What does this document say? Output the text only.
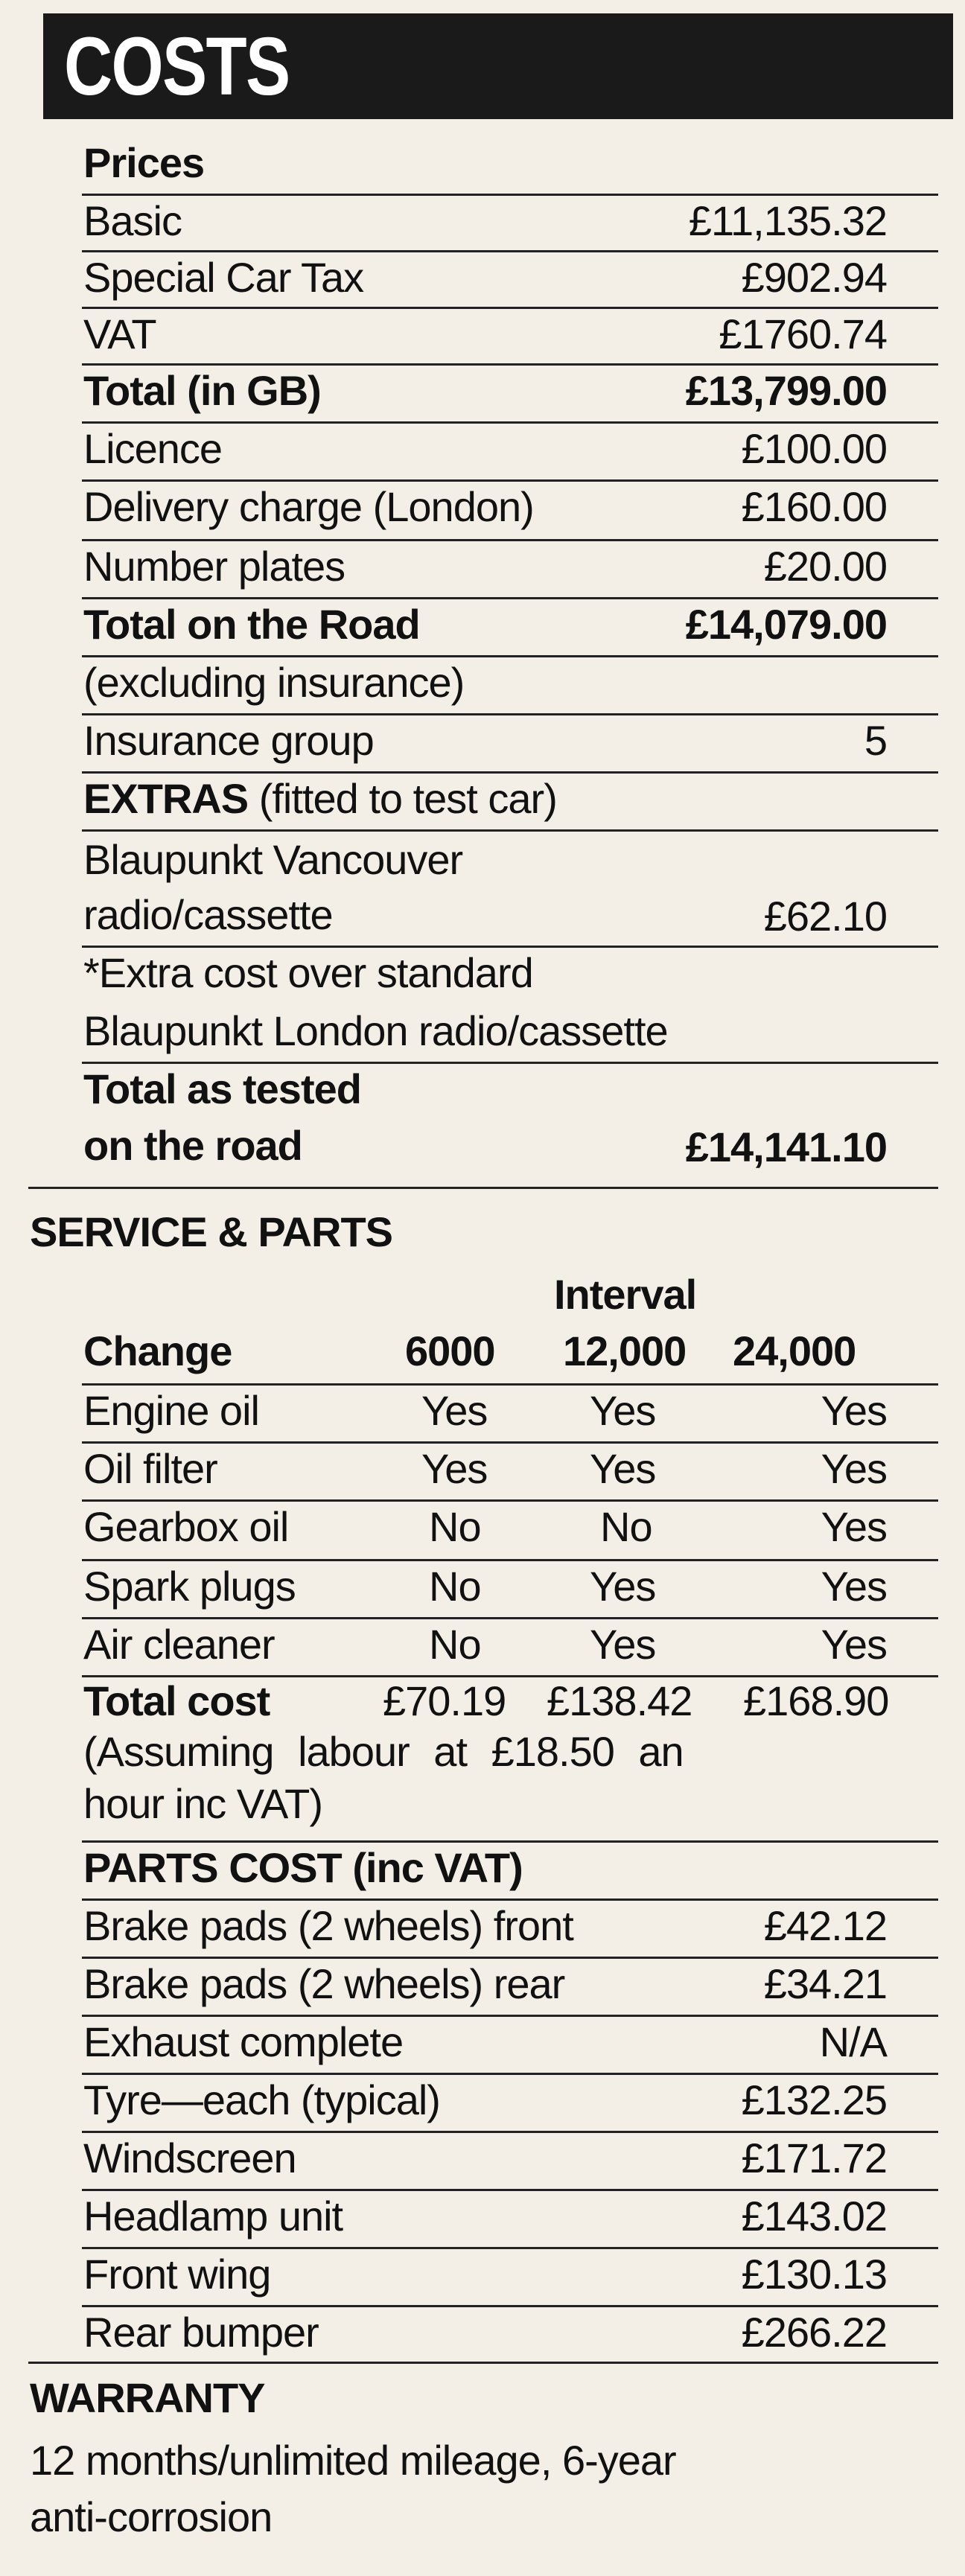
COSTS
Prices
Basic	£11,135.32
Special Car Tax	£902.94
VAT	£1760.74
Total (in GB)	£13,799.00
Licence	£100.00
Delivery charge (London)	£160.00
Number plates	£20.00
Total on the Road	£14,079.00
(excluding insurance)
Insurance group	5
EXTRAS (fitted to test car)
Blaupunkt Vancouver
radio/cassette	£62.10
*Extra cost over standard
Blaupunkt London radio/cassette
Total as tested
on the road	£14,141.10
SERVICE & PARTS
Interval
Change	6000 12,000 24,000
Engine oil	Yes Yes	Yes
Oil filter	Yes Yes	Yes
Gearbox oil	No	No	Yes
Spark plugs	No	Yes	Yes
Air cleaner	No	Yes	Yes
Total cost	£70.19 £138.42 £168.90
(Assuming labour at £18.50 an
hour inc VAT)
PARTS COST (inc VAT)
Brake pads (2 wheels) front	£42.12
Brake pads (2 wheels) rear	£34.21
Exhaust complete	N/A
Tyre—each (typical)	£132.25
Windscreen	£171.72
Headlamp unit	£143.02
Front wing	£130.13
Rear bumper	£266.22
WARRANTY
12 months/unlimited mileage, 6-year
anti-corrosion
